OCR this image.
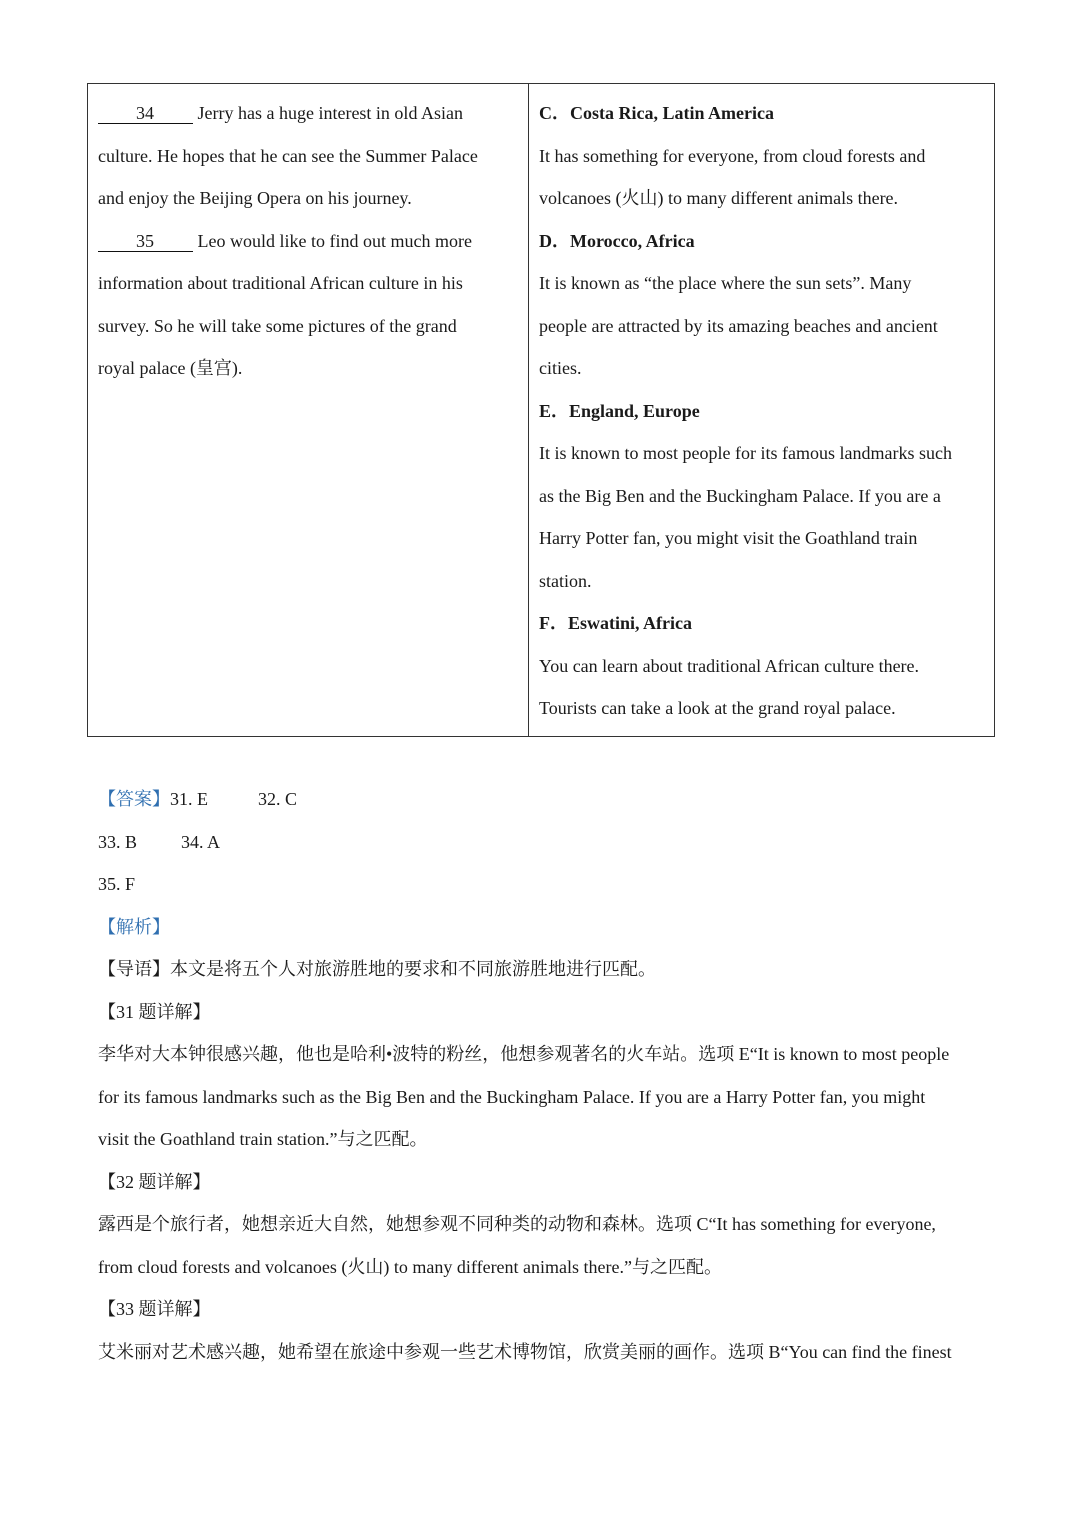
34 Jerry has a huge interest in old Asian
culture. He hopes that he can see the Summer Palace
and enjoy the Beijing Opera on his journey.
35 Leo would like to find out much more
information about traditional African culture in his
survey. So he will take some pictures of the grand
royal palace (皇宫).

C．Costa Rica, Latin America
It has something for everyone, from cloud forests and
volcanoes (火山) to many different animals there.
D．Morocco, Africa
It is known as “the place where the sun sets”. Many
people are attracted by its amazing beaches and ancient
cities.
E．England, Europe
It is known to most people for its famous landmarks such
as the Big Ben and the Buckingham Palace. If you are a
Harry Potter fan, you might visit the Goathland train
station.
F．Eswatini, Africa
You can learn about traditional African culture there.
Tourists can take a look at the grand royal palace.
【答案】31. E	32. C
33. B 34. A
35. F
【解析】
【导语】本文是将五个人对旅游胜地的要求和不同旅游胜地进行匹配。
【31 题详解】
李华对大本钟很感兴趣，他也是哈利•波特的粉丝，他想参观著名的火车站。选项 E“It is known to most people
for its famous landmarks such as the Big Ben and the Buckingham Palace. If you are a Harry Potter fan, you might
visit the Goathland train station.”与之匹配。
【32 题详解】
露西是个旅行者，她想亲近大自然，她想参观不同种类的动物和森林。选项 C“It has something for everyone,
from cloud forests and volcanoes (火山) to many different animals there.”与之匹配。
【33 题详解】
艾米丽对艺术感兴趣，她希望在旅途中参观一些艺术博物馆，欣赏美丽的画作。选项 B“You can find the finest
